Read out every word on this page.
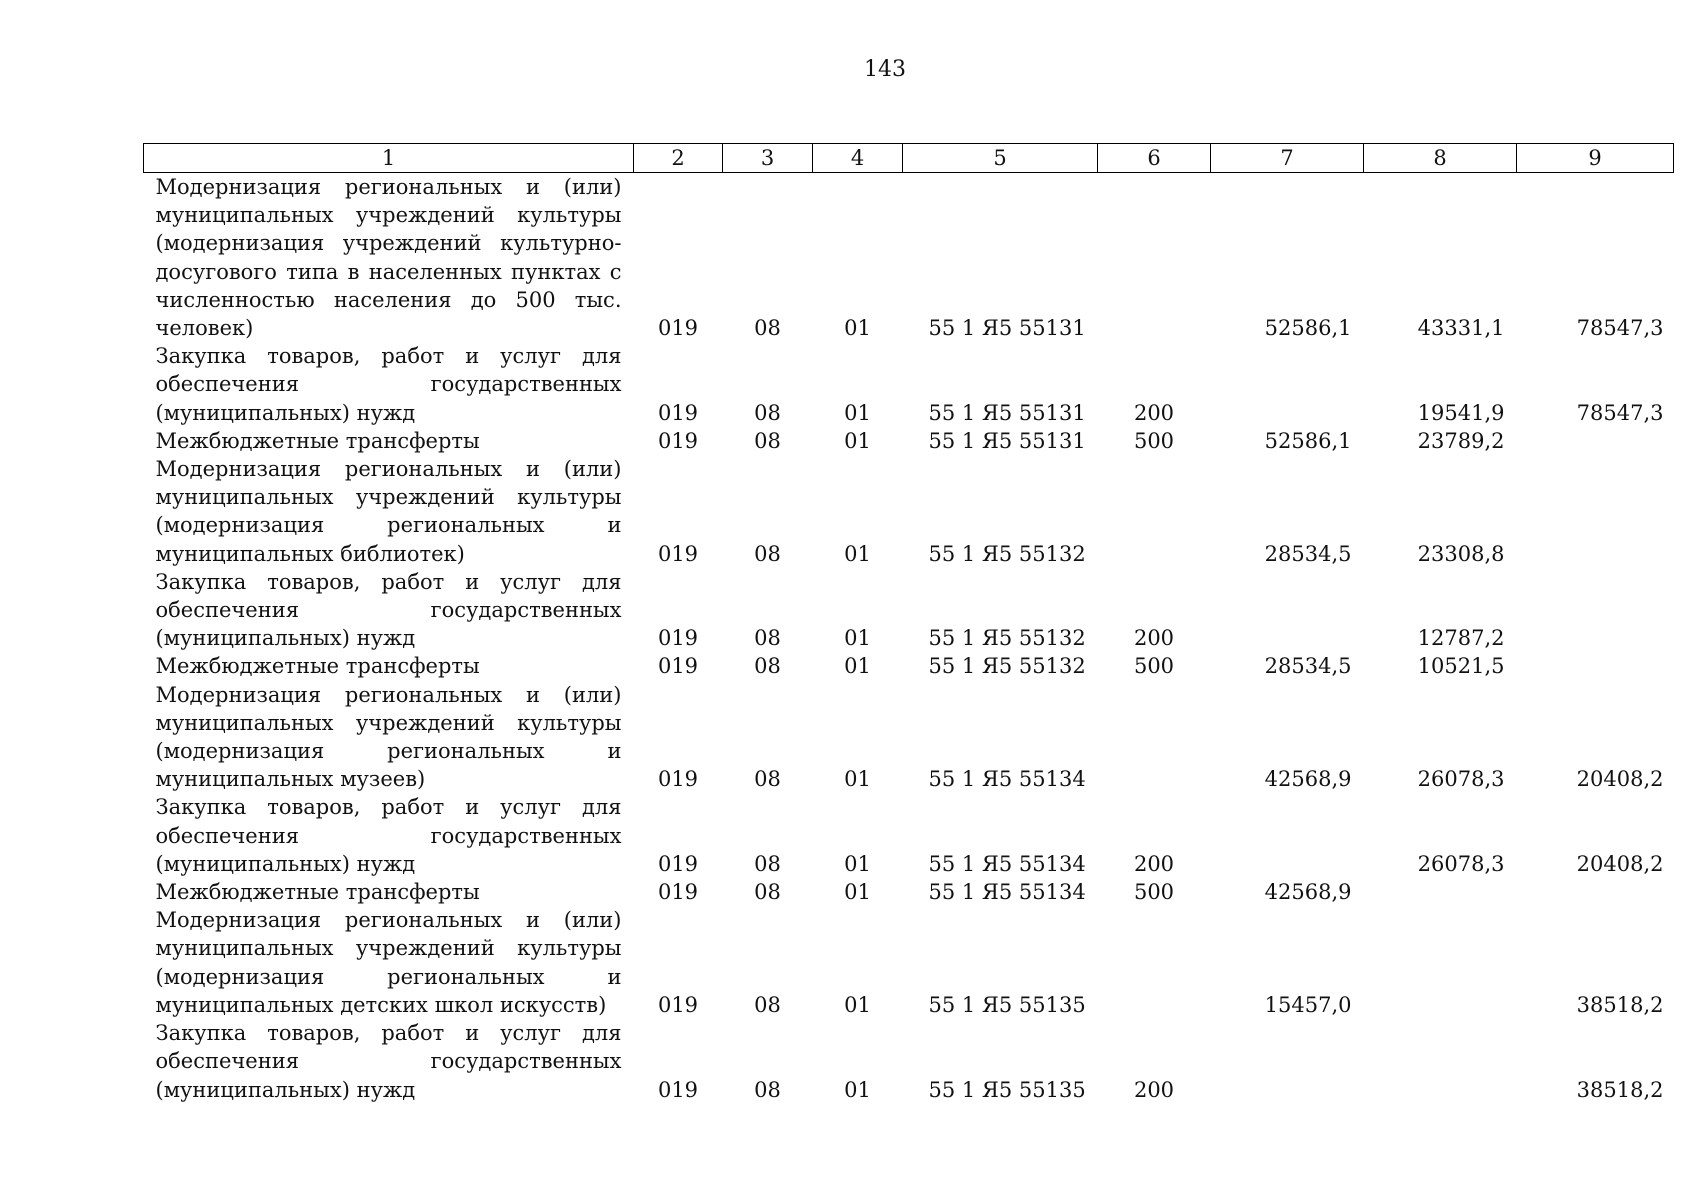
143
1	2	3	4	5	6	7	8	9
Модернизация региональных и (или) муниципальных учреждений культуры (модернизация учреждений культурно-досугового типа в населенных пунктах с численностью населения до 500 тыс. человек)	019	08	01	55 1 Я5 55131		52586,1	43331,1	78547,3
Закупка товаров, работ и услуг для обеспечения государственных (муниципальных) нужд	019	08	01	55 1 Я5 55131	200		19541,9	78547,3
Межбюджетные трансферты	019	08	01	55 1 Я5 55131	500	52586,1	23789,2	
Модернизация региональных и (или) муниципальных учреждений культуры (модернизация региональных и муниципальных библиотек)	019	08	01	55 1 Я5 55132		28534,5	23308,8	
Закупка товаров, работ и услуг для обеспечения государственных (муниципальных) нужд	019	08	01	55 1 Я5 55132	200		12787,2	
Межбюджетные трансферты	019	08	01	55 1 Я5 55132	500	28534,5	10521,5	
Модернизация региональных и (или) муниципальных учреждений культуры (модернизация региональных и муниципальных музеев)	019	08	01	55 1 Я5 55134		42568,9	26078,3	20408,2
Закупка товаров, работ и услуг для обеспечения государственных (муниципальных) нужд	019	08	01	55 1 Я5 55134	200		26078,3	20408,2
Межбюджетные трансферты	019	08	01	55 1 Я5 55134	500	42568,9		
Модернизация региональных и (или) муниципальных учреждений культуры (модернизация региональных и муниципальных детских школ искусств)	019	08	01	55 1 Я5 55135		15457,0		38518,2
Закупка товаров, работ и услуг для обеспечения государственных (муниципальных) нужд	019	08	01	55 1 Я5 55135	200			38518,2
